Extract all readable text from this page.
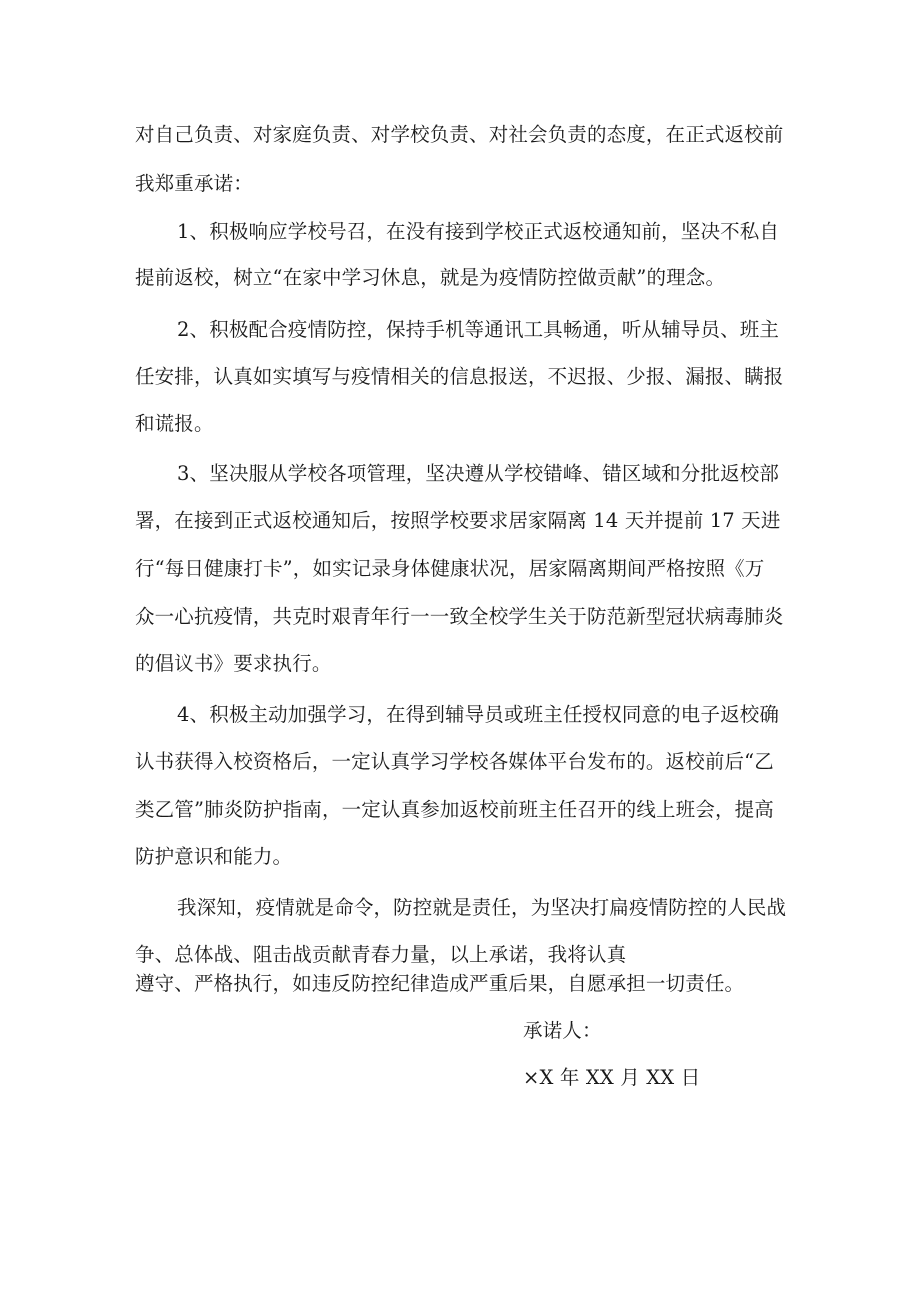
对自己负责、对家庭负责、对学校负责、对社会负责的态度，在正式返校前
我郑重承诺：
1、积极响应学校号召，在没有接到学校正式返校通知前，坚决不私自
提前返校，树立“在家中学习休息，就是为疫情防控做贡献”的理念。
2、积极配合疫情防控，保持手机等通讯工具畅通，听从辅导员、班主
任安排，认真如实填写与疫情相关的信息报送，不迟报、少报、漏报、瞒报
和谎报。
3、坚决服从学校各项管理，坚决遵从学校错峰、错区域和分批返校部
署，在接到正式返校通知后，按照学校要求居家隔离 14 天并提前 17 天进
行“每日健康打卡”，如实记录身体健康状况，居家隔离期间严格按照《万
众一心抗疫情，共克时艰青年行一一致全校学生关于防范新型冠状病毒肺炎
的倡议书》要求执行。
4、积极主动加强学习，在得到辅导员或班主任授权同意的电子返校确
认书获得入校资格后，一定认真学习学校各媒体平台发布的。返校前后“乙
类乙管”肺炎防护指南，一定认真参加返校前班主任召开的线上班会，提高
防护意识和能力。
我深知，疫情就是命令，防控就是责任，为坚决打扁疫情防控的人民战
争、总体战、阻击战贡献青春力量，以上承诺，我将认真
遵守、严格执行，如违反防控纪律造成严重后果，自愿承担一切责任。
承诺人：
×X 年 XX 月 XX 日
